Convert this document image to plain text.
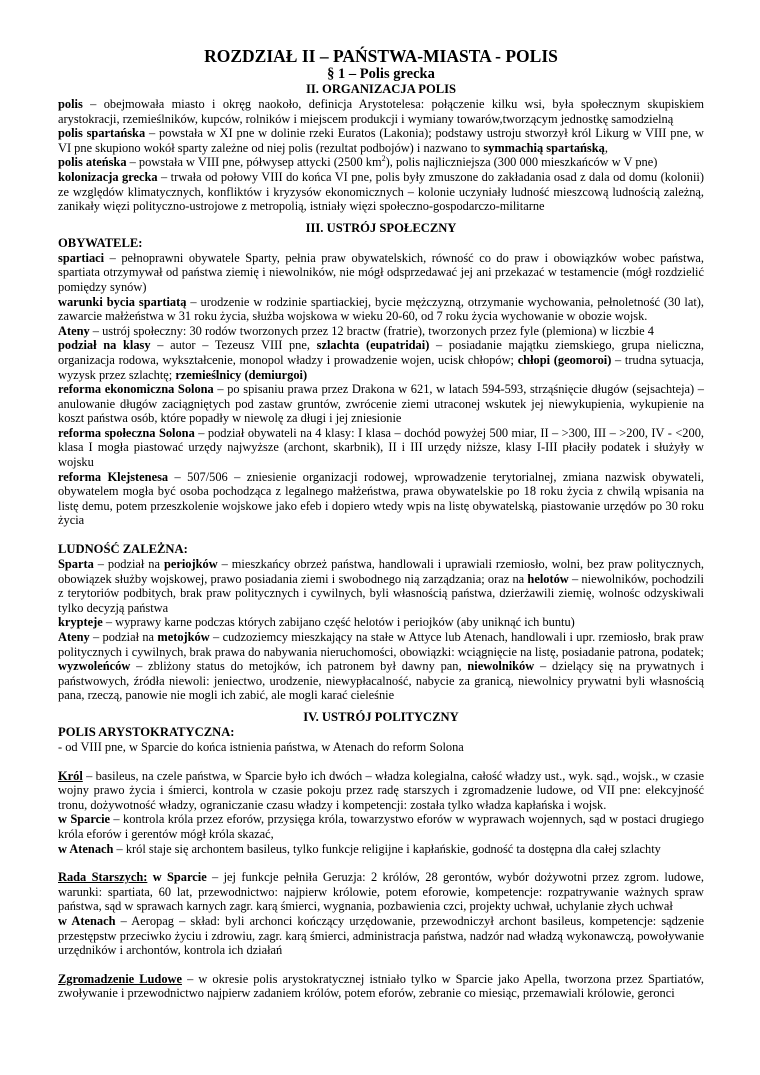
ROZDZIAŁ II – PAŃSTWA-MIASTA - POLIS
§ 1 – Polis grecka
II. ORGANIZACJA POLIS

polis – obejmowała miasto i okręg naokoło, definicja Arystotelesa: połączenie kilku wsi, była społecznym skupiskiem arystokracji, rzemieślników, kupców, rolników i miejscem produkcji i wymiany towarów,tworzącym jednostkę samodzielną

polis spartańska – powstała w XI pne w dolinie rzeki Euratos (Lakonia); podstawy ustroju stworzył król Likurg w VIII pne, w VI pne skupiono wokół sparty zależne od niej polis (rezultat podbojów) i nazwano to symmachią spartańską,

polis ateńska – powstała w VIII pne, półwysep attycki (2500 $km^2$), polis najliczniejsza (300 000 mieszkańców w V pne)

kolonizacja grecka – trwała od połowy VIII do końca VI pne, polis były zmuszone do zakładania osad z dala od domu (kolonii) ze względów klimatycznych, konfliktów i kryzysów ekonomicznych – kolonie uczyniały ludność mieszcową ludnością zależną, zanikały więzi polityczno-ustrojowe z metropolią, istniały więzi społeczno-gospodarczo-militarne

III. USTRÓJ SPOŁECZNY
OBYWATELE:

spartiaci – pełnoprawni obywatele Sparty, pełnia praw obywatelskich, równość co do praw i obowiązków wobec państwa, spartiata otrzymywał od państwa ziemię i niewolników, nie mógł odsprzedawać jej ani przekazać w testamencie (mógł rozdzielić pomiędzy synów)

warunki bycia spartiatą – urodzenie w rodzinie spartiackiej, bycie mężczyzną, otrzymanie wychowania, pełnoletność (30 lat), zawarcie małżeństwa w 31 roku życia, służba wojskowa w wieku 20-60, od 7 roku życia wychowanie w obozie wojsk.

Ateny – ustrój społeczny: 30 rodów tworzonych przez 12 bractw (fratrie), tworzonych przez fyle (plemiona) w liczbie 4

podział na klasy – autor – Tezeusz VIII pne, szlachta (eupatridai) – posiadanie majątku ziemskiego, grupa nieliczna, organizacja rodowa, wykształcenie, monopol władzy i prowadzenie wojen, ucisk chłopów; chłopi (geomoroi) – trudna sytuacja, wyzysk przez szlachtę; rzemieślnicy (demiurgoi)

reforma ekonomiczna Solona – po spisaniu prawa przez Drakona w 621, w latach 594-593, strząśnięcie długów (sejsachteja) – anulowanie długów zaciągniętych pod zastaw gruntów, zwrócenie ziemi utraconej wskutek jej niewykupienia, wykupienie na koszt państwa osób, które popadły w niewolę za długi i jej zniesionie

reforma społeczna Solona – podział obywateli na 4 klasy: I klasa – dochód powyżej 500 miar, II – >300, III – >200, IV - <200, klasa I mogła piastować urzędy najwyższe (archont, skarbnik), II i III urzędy niższe, klasy I-III płaciły podatek i służyły w wojsku

reforma Klejstenesa – 507/506 – zniesienie organizacji rodowej, wprowadzenie terytorialnej, zmiana nazwisk obywateli, obywatelem mogła być osoba pochodząca z legalnego małżeństwa, prawa obywatelskie po 18 roku życia z chwilą wpisania na listę demu, potem przeszkolenie wojskowe jako efeb i dopiero wtedy wpis na listę obywatelską, piastowanie urzędów po 30 roku życia

LUDNOŚĆ ZALEŻNA:

Sparta – podział na periojków – mieszkańcy obrzeż państwa, handlowali i uprawiali rzemiosło, wolni, bez praw politycznych, obowiązek służby wojskowej, prawo posiadania ziemi i swobodnego nią zarządzania; oraz na helotów – niewolników, pochodzili z terytoriów podbitych, brak praw politycznych i cywilnych, byli własnością państwa, dzierżawili ziemię, wolnośc odzyskiwali tylko decyzją państwa

krypteje – wyprawy karne podczas których zabijano część helotów i periojków (aby uniknąć ich buntu)

Ateny – podział na metojków – cudzoziemcy mieszkający na stałe w Attyce lub Atenach, handlowali i upr. rzemiosło, brak praw politycznych i cywilnych, brak prawa do nabywania nieruchomości, obowiązki: wciągnięcie na listę, posiadanie patrona, podatek; wyzwoleńców – zbliżony status do metojków, ich patronem był dawny pan, niewolników – dzielący się na prywatnych i państwowych, źródła niewoli: jeniectwo, urodzenie, niewypłacalność, nabycie za granicą, niewolnicy prywatni byli własnością pana, rzeczą, panowie nie mogli ich zabić, ale mogli karać cieleśnie

IV. USTRÓJ POLITYCZNY
POLIS ARYSTOKRATYCZNA:

- od VIII pne, w Sparcie do końca istnienia państwa, w Atenach do reform Solona

Król – basileus, na czele państwa, w Sparcie było ich dwóch – władza kolegialna, całość władzy ust., wyk. sąd., wojsk., w czasie wojny prawo życia i śmierci, kontrola w czasie pokoju przez radę starszych i zgromadzenie ludowe, od VII pne: elekcyjność tronu, dożywotność władzy, ograniczanie czasu władzy i kompetencji: została tylko władza kapłańska i wojsk.

w Sparcie – kontrola króla przez eforów, przysięga króla, towarzystwo eforów w wyprawach wojennych, sąd w postaci drugiego króla eforów i gerentów mógł króla skazać,

w Atenach – król staje się archontem basileus, tylko funkcje religijne i kapłańskie, godność ta dostępna dla całej szlachty

Rada Starszych: w Sparcie – jej funkcje pełniła Geruzja: 2 królów, 28 gerontów, wybór dożywotni przez zgrom. ludowe, warunki: spartiata, 60 lat, przewodnictwo: najpierw królowie, potem eforowie, kompetencje: rozpatrywanie ważnych spraw państwa, sąd w sprawach karnych zagr. karą śmierci, wygnania, pozbawienia czci, projekty uchwał, uchylanie złych uchwał

w Atenach – Aeropag – skład: byli archonci kończący urzędowanie, przewodniczył archont basileus, kompetencje: sądzenie przestępstw przeciwko życiu i zdrowiu, zagr. karą śmierci, administracja państwa, nadzór nad władzą wykonawczą, powoływanie urzędników i archontów, kontrola ich działań

Zgromadzenie Ludowe – w okresie polis arystokratycznej istniało tylko w Sparcie jako Apella, tworzona przez Spartiatów, zwoływanie i przewodnictwo najpierw zadaniem królów, potem eforów, zebranie co miesiąc, przemawiali królowie, geronci
